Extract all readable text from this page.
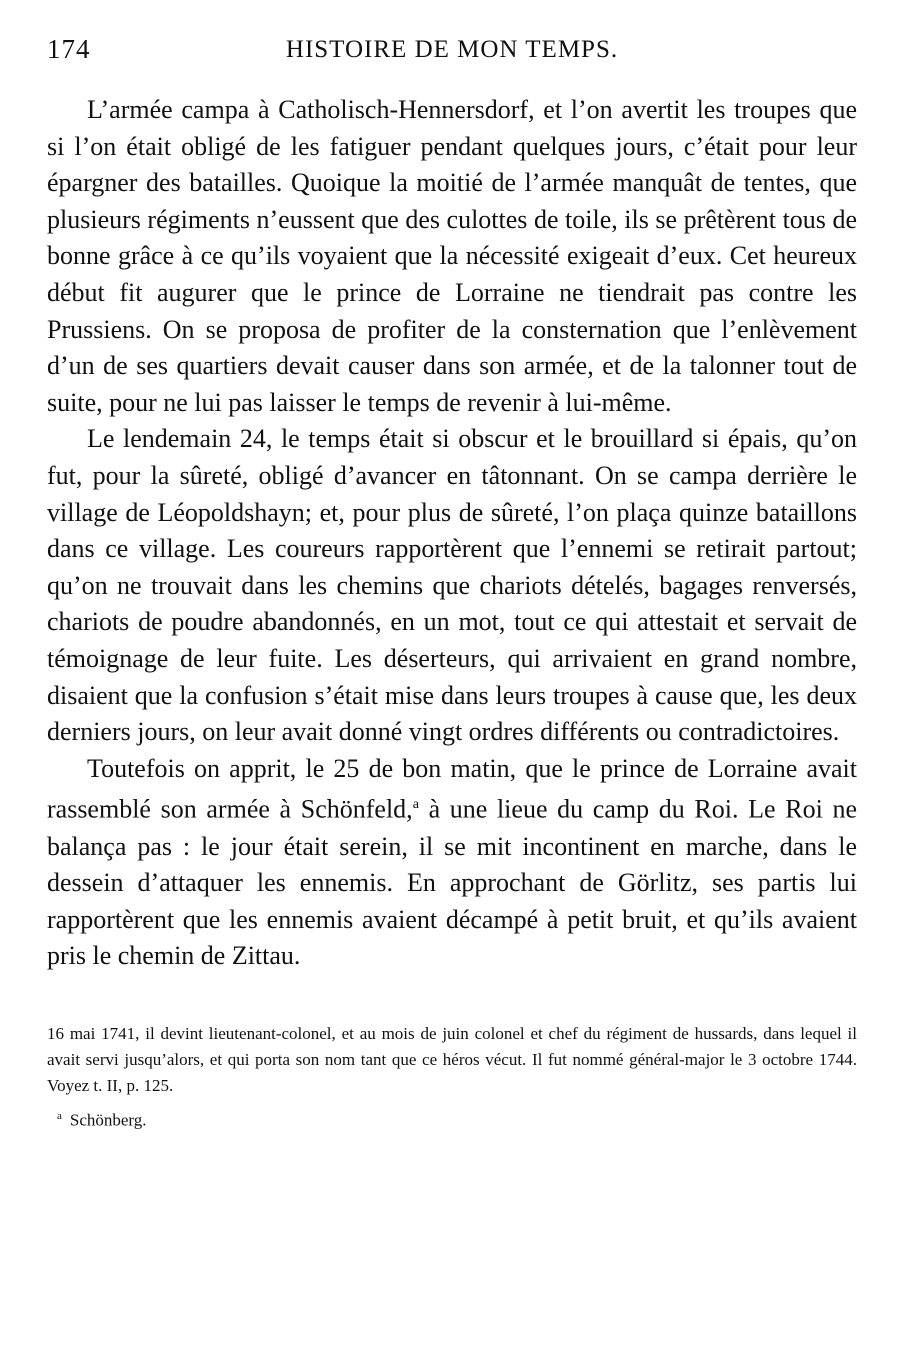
174	HISTOIRE DE MON TEMPS.

L’armée campa à Catholisch-Hennersdorf, et l’on avertit les troupes que si l’on était obligé de les fatiguer pendant quelques jours, c’était pour leur épargner des batailles. Quoique la moitié de l’armée manquât de tentes, que plusieurs régiments n’eussent que des culottes de toile, ils se prêtèrent tous de bonne grâce à ce qu’ils voyaient que la nécessité exigeait d’eux. Cet heureux début fit augurer que le prince de Lorraine ne tiendrait pas contre les Prussiens. On se proposa de profiter de la consternation que l’enlèvement d’un de ses quartiers devait causer dans son armée, et de la talonner tout de suite, pour ne lui pas laisser le temps de revenir à lui-même.

Le lendemain 24, le temps était si obscur et le brouillard si épais, qu’on fut, pour la sûreté, obligé d’avancer en tâtonnant. On se campa derrière le village de Léopoldshayn; et, pour plus de sûreté, l’on plaça quinze bataillons dans ce village. Les coureurs rapportèrent que l’ennemi se retirait partout; qu’on ne trouvait dans les chemins que chariots dételés, bagages renversés, chariots de poudre abandonnés, en un mot, tout ce qui attestait et servait de témoignage de leur fuite. Les déserteurs, qui arrivaient en grand nombre, disaient que la confusion s’était mise dans leurs troupes à cause que, les deux derniers jours, on leur avait donné vingt ordres différents ou contradictoires.

Toutefois on apprit, le 25 de bon matin, que le prince de Lorraine avait rassemblé son armée à Schönfeld,$^a$ à une lieue du camp du Roi. Le Roi ne balança pas : le jour était serein, il se mit incontinent en marche, dans le dessein d’attaquer les ennemis. En approchant de Görlitz, ses partis lui rapportèrent que les ennemis avaient décampé à petit bruit, et qu’ils avaient pris le chemin de Zittau.

16 mai 1741, il devint lieutenant-colonel, et au mois de juin colonel et chef du régiment de hussards, dans lequel il avait servi jusqu’alors, et qui porta son nom tant que ce héros vécut. Il fut nommé général-major le 3 octobre 1744. Voyez t. II, p. 125.

$^a$ Schönberg.
